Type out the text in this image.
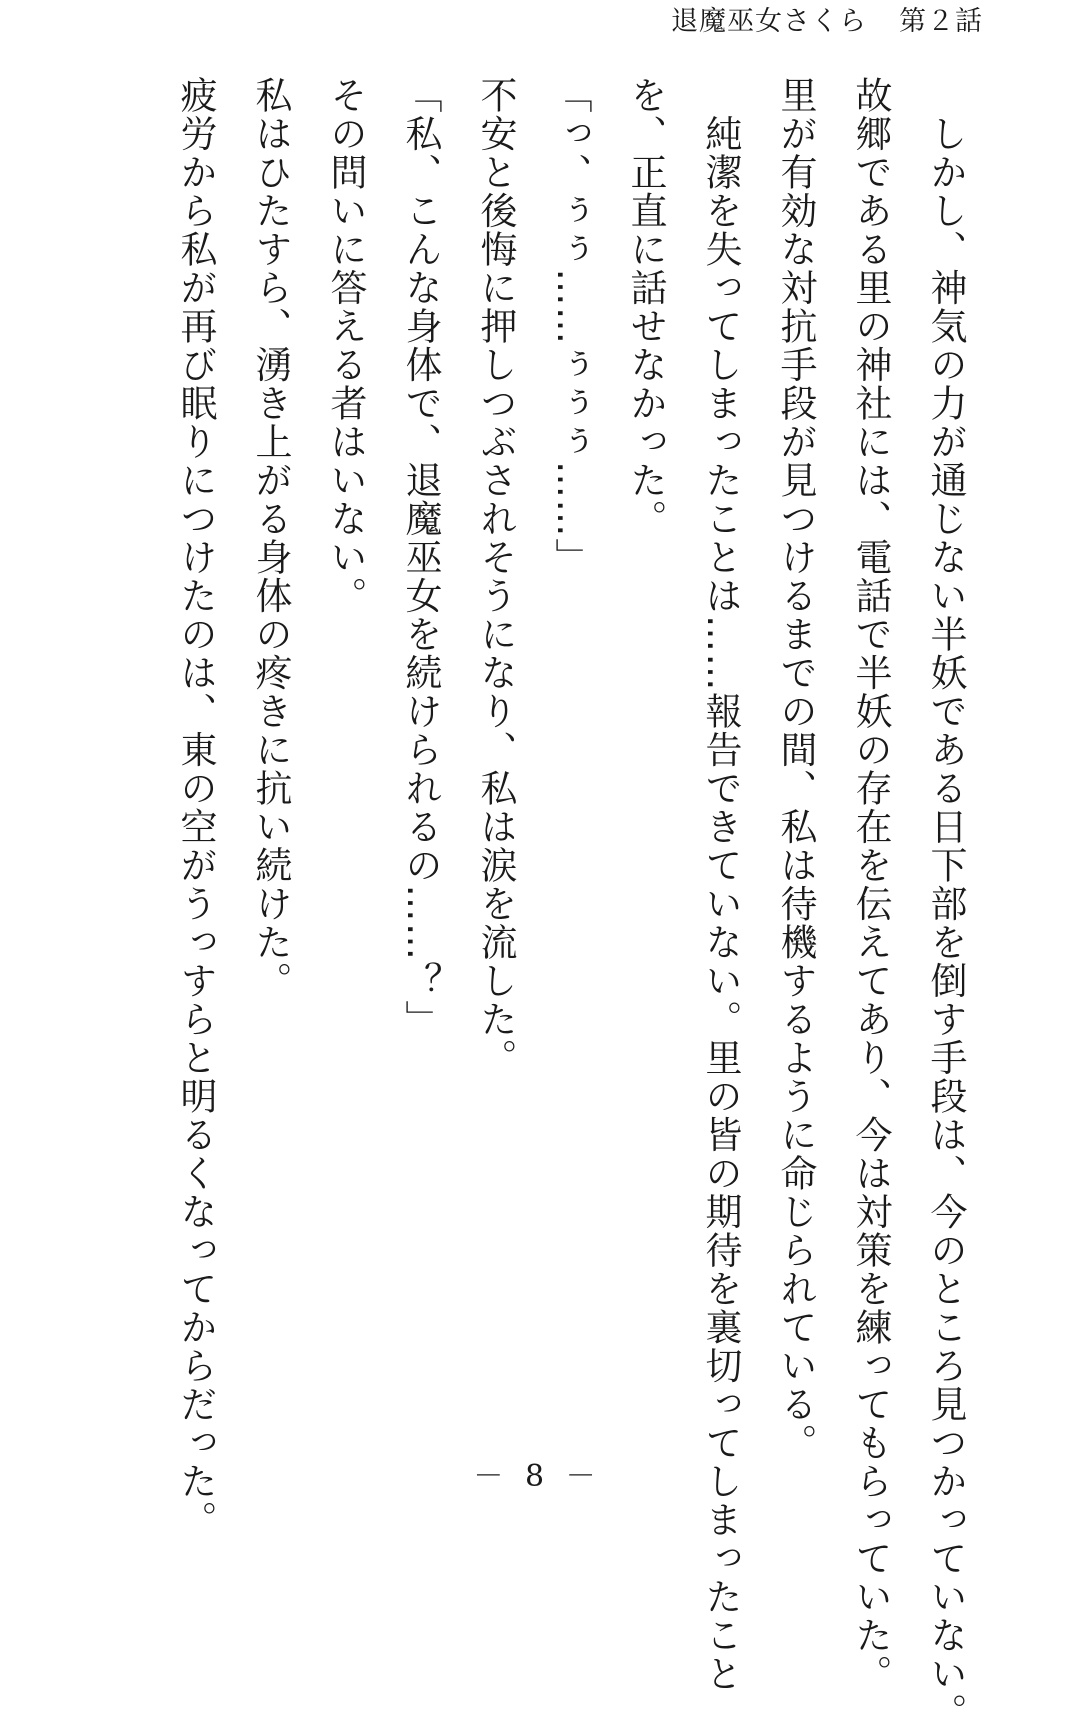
退魔巫女さくら 第２話

　しかし、神気の力が通じない半妖である日下部を倒す手段は、今のところ見つかっていない。

故郷である里の神社には、電話で半妖の存在を伝えてあり、今は対策を練ってもらっていた。

里が有効な対抗手段が見つけるまでの間、私は待機するように命じられている。

　純潔を失ってしまったことは……報告できていない。里の皆の期待を裏切ってしまったこと

を、正直に話せなかった。

「っ、ぅぅ……ぅぅぅ……」

不安と後悔に押しつぶされそうになり、私は涙を流した。

「私、こんな身体で、退魔巫女を続けられるの……？」

その問いに答える者はいない。

私はひたすら、湧き上がる身体の疼きに抗い続けた。

疲労から私が再び眠りにつけたのは、東の空がうっすらと明るくなってからだった。	－ 8 －
